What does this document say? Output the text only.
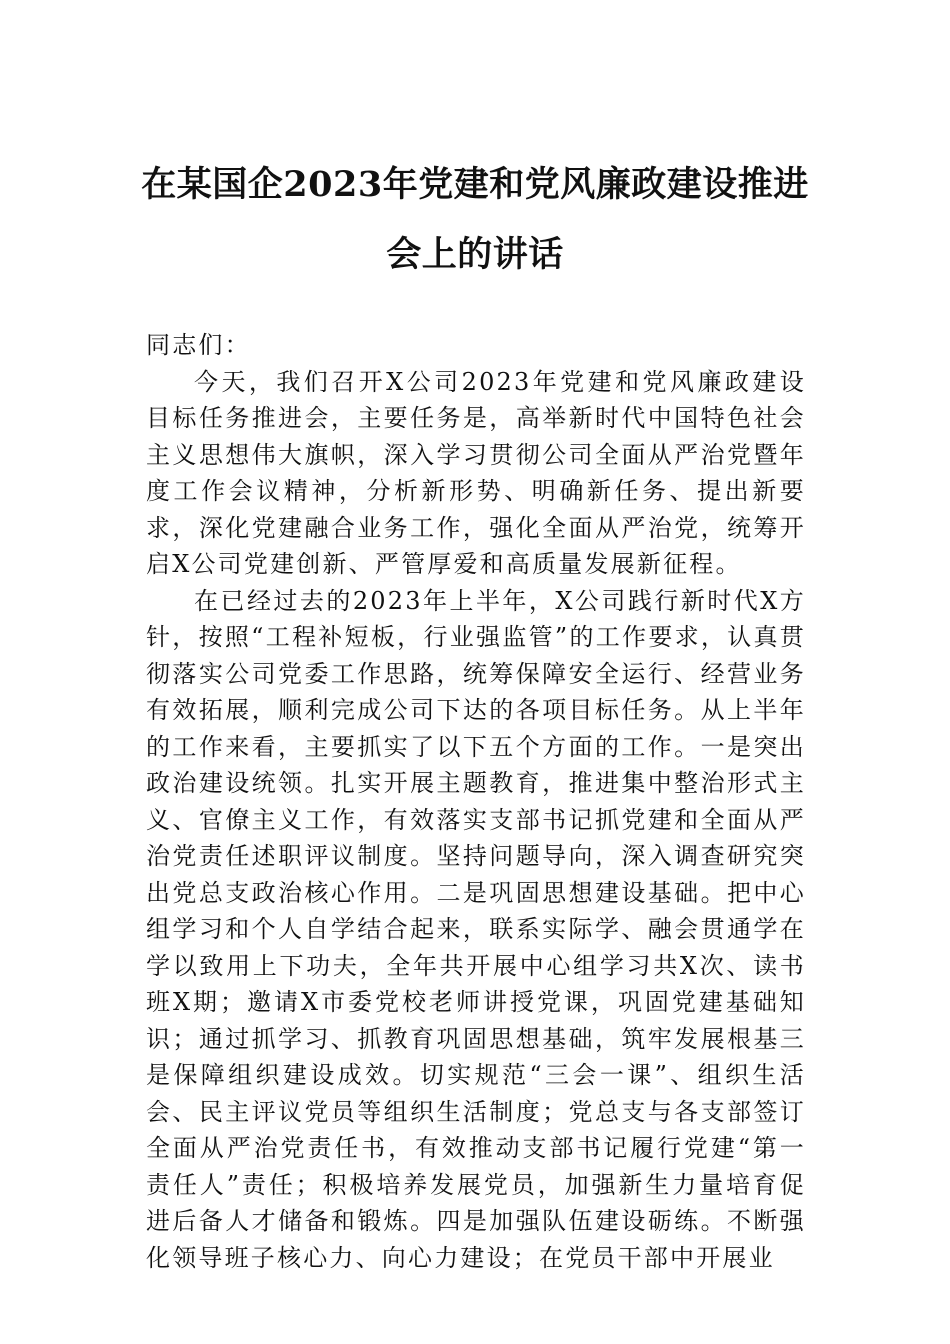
在某国企2023年党建和党风廉政建设推进
会上的讲话

同志们：

今天，我们召开X公司2023年党建和党风廉政建设目标任务推进会，主要任务是，高举新时代中国特色社会主义思想伟大旗帜，深入学习贯彻公司全面从严治党暨年度工作会议精神，分析新形势、明确新任务、提出新要求，深化党建融合业务工作，强化全面从严治党，统筹开启X公司党建创新、严管厚爱和高质量发展新征程。

在已经过去的2023年上半年，X公司践行新时代X方针，按照“工程补短板，行业强监管”的工作要求，认真贯彻落实公司党委工作思路，统筹保障安全运行、经营业务有效拓展，顺利完成公司下达的各项目标任务。从上半年的工作来看，主要抓实了以下五个方面的工作。一是突出政治建设统领。扎实开展主题教育，推进集中整治形式主义、官僚主义工作，有效落实支部书记抓党建和全面从严治党责任述职评议制度。坚持问题导向，深入调查研究突出党总支政治核心作用。二是巩固思想建设基础。把中心组学习和个人自学结合起来，联系实际学、融会贯通学在学以致用上下功夫，全年共开展中心组学习共X次、读书班X期；邀请X市委党校老师讲授党课，巩固党建基础知识；通过抓学习、抓教育巩固思想基础，筑牢发展根基三是保障组织建设成效。切实规范“三会一课”、组织生活会、民主评议党员等组织生活制度；党总支与各支部签订全面从严治党责任书，有效推动支部书记履行党建“第一责任人”责任；积极培养发展党员，加强新生力量培育促进后备人才储备和锻炼。四是加强队伍建设砺练。不断强化领导班子核心力、向心力建设；在党员干部中开展业
